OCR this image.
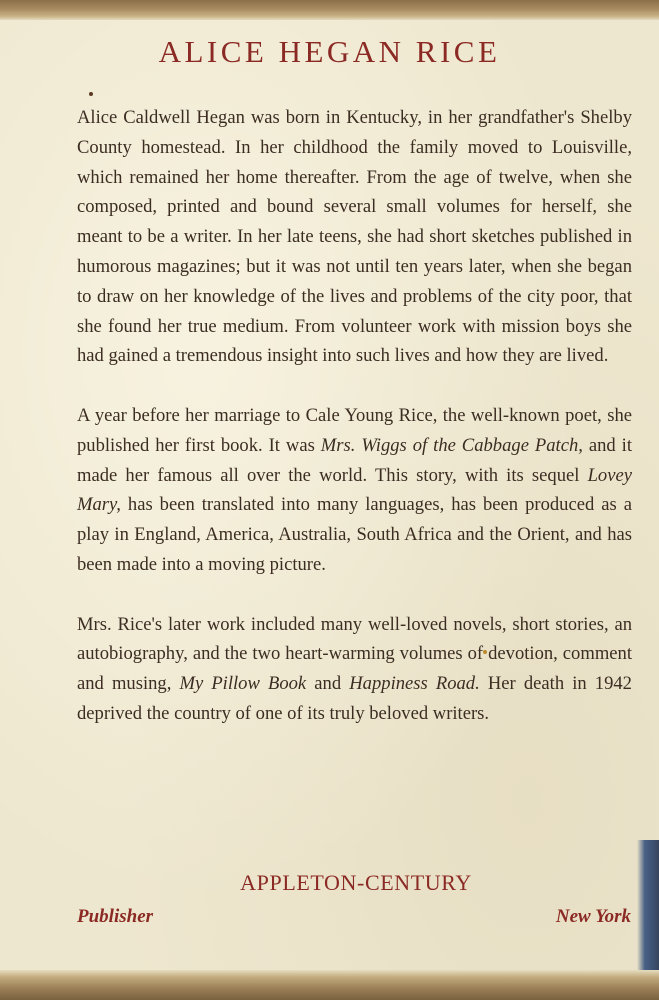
ALICE HEGAN RICE

Alice Caldwell Hegan was born in Kentucky, in her grandfather's Shelby County homestead. In her childhood the family moved to Louisville, which remained her home thereafter. From the age of twelve, when she composed, printed and bound several small volumes for herself, she meant to be a writer. In her late teens, she had short sketches published in humorous magazines; but it was not until ten years later, when she began to draw on her knowledge of the lives and problems of the city poor, that she found her true medium. From volunteer work with mission boys she had gained a tremendous insight into such lives and how they are lived.

A year before her marriage to Cale Young Rice, the well-known poet, she published her first book. It was Mrs. Wiggs of the Cabbage Patch, and it made her famous all over the world. This story, with its sequel Lovey Mary, has been translated into many languages, has been produced as a play in England, America, Australia, South Africa and the Orient, and has been made into a moving picture.

Mrs. Rice's later work included many well-loved novels, short stories, an autobiography, and the two heart-warming volumes of devotion, comment and musing, My Pillow Book and Happiness Road. Her death in 1942 deprived the country of one of its truly beloved writers.

APPLETON-CENTURY
Publisher	New York
